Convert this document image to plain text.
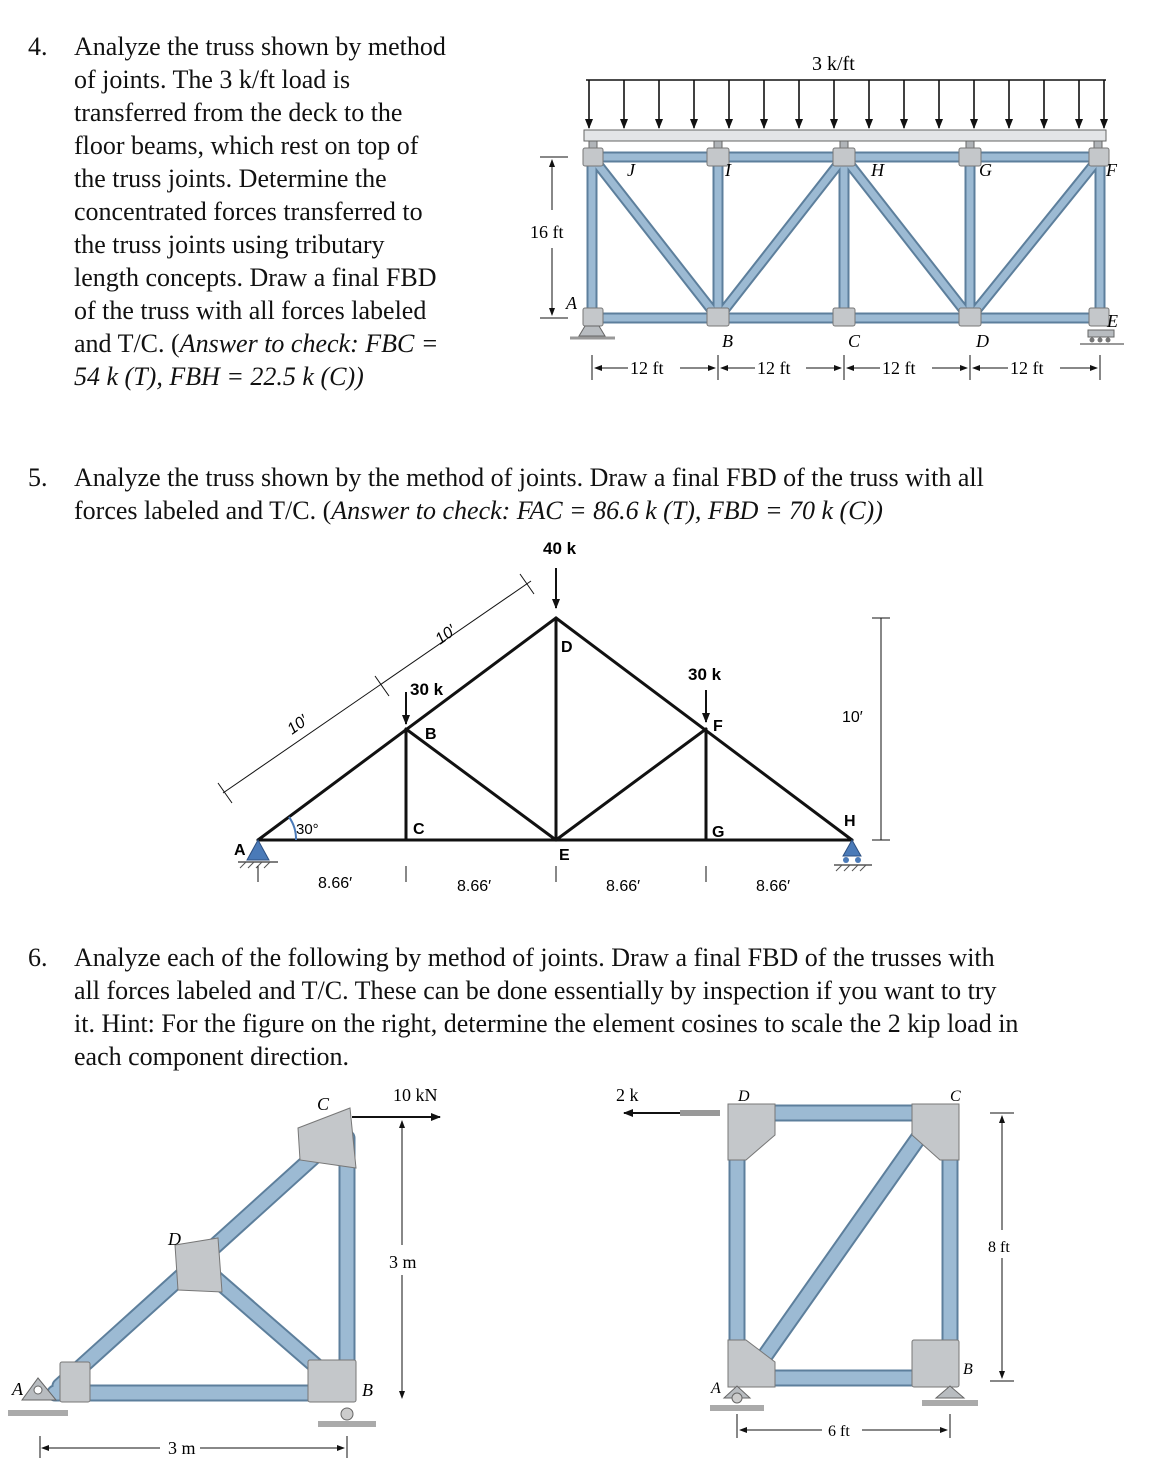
4. Analyze the truss shown by method

of joints. The 3 k/ft load is

transferred from the deck to the

floor beams, which rest on top of

the truss joints. Determine the

concentrated forces transferred to

the truss joints using tributary

length concepts. Draw a final FBD

of the truss with all forces labeled

and T/C. (Answer to check: FBC =

54 k (T), FBH = 22.5 k (C))

5. Analyze the truss shown by the method of joints. Draw a final FBD of the truss with all

forces labeled and T/C. (Answer to check: FAC = 86.6 k (T), FBD = 70 k (C))

6. Analyze each of the following by method of joints. Draw a final FBD of the trusses with

all forces labeled and T/C. These can be done essentially by inspection if you want to try

it. Hint: For the figure on the right, determine the element cosines to scale the 2 kip load in

each component direction.

3 k/ft
J	I	H	G	F
A
B	C	D
E
16 ft
12 ft	12 ft	12 ft	12 ft
40 k
30 k
30 k
A
B
C
D
E
F
G
H
30°
10′
10′
10′
8.66′	8.66′	8.66′	8.66′
10 kN
3 m
3 m
A	B
C
D
2 k
8 ft
6 ft
A
B
C
D
